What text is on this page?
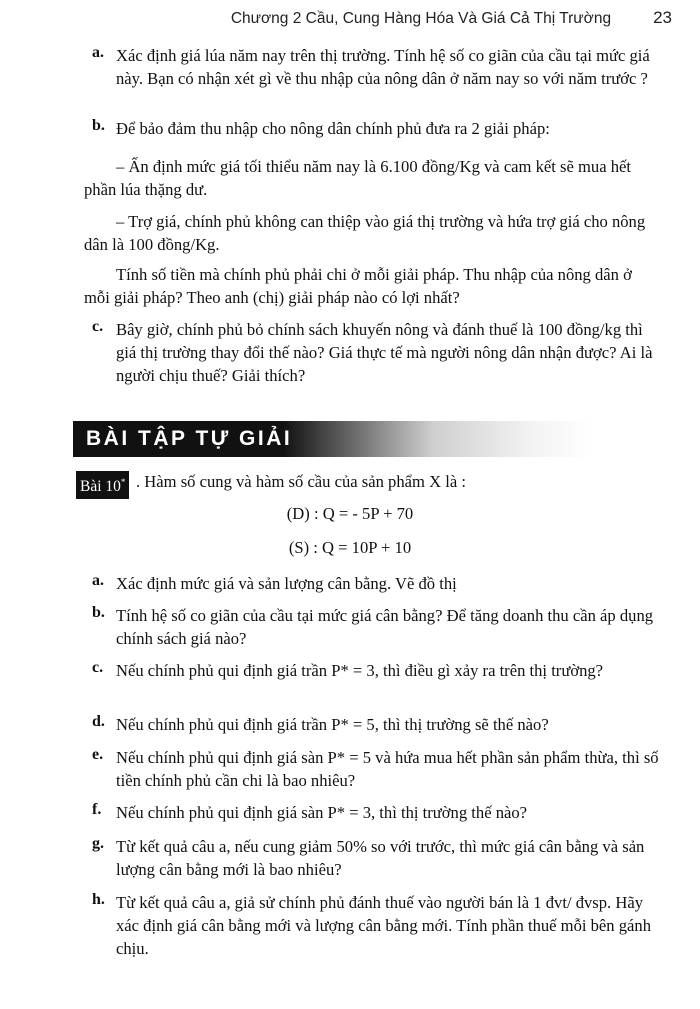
Chương 2 Cầu, Cung Hàng Hóa Và Giá Cả Thị Trường 23
a. Xác định giá lúa năm nay trên thị trường. Tính hệ số co giãn của cầu tại mức giá này. Bạn có nhận xét gì về thu nhập của nông dân ở năm nay so với năm trước ?

b. Để bảo đảm thu nhập cho nông dân chính phủ đưa ra 2 giải pháp:

– Ấn định mức giá tối thiểu năm nay là 6.100 đồng/Kg và cam kết sẽ mua hết phần lúa thặng dư.

– Trợ giá, chính phủ không can thiệp vào giá thị trường và hứa trợ giá cho nông dân là 100 đồng/Kg.

Tính số tiền mà chính phủ phải chi ở mỗi giải pháp. Thu nhập của nông dân ở mỗi giải pháp? Theo anh (chị) giải pháp nào có lợi nhất?

c. Bây giờ, chính phủ bỏ chính sách khuyến nông và đánh thuế là 100 đồng/kg thì giá thị trường thay đổi thế nào? Giá thực tế mà người nông dân nhận được? Ai là người chịu thuế? Giải thích?

BÀI TẬP TỰ GIẢI
Bài 10* . Hàm số cung và hàm số cầu của sản phẩm X là :
(D) : Q = - 5P + 70
(S) : Q = 10P + 10
a. Xác định mức giá và sản lượng cân bằng. Vẽ đồ thị

b. Tính hệ số co giãn của cầu tại mức giá cân bằng? Để tăng doanh thu cần áp dụng chính sách giá nào?

c. Nếu chính phủ qui định giá trần P* = 3, thì điều gì xảy ra trên thị trường?

d. Nếu chính phủ qui định giá trần P* = 5, thì thị trường sẽ thế nào?

e. Nếu chính phủ qui định giá sàn P* = 5 và hứa mua hết phần sản phẩm thừa, thì số tiền chính phủ cần chi là bao nhiêu?

f. Nếu chính phủ qui định giá sàn P* = 3, thì thị trường thế nào?

g. Từ kết quả câu a, nếu cung giảm 50% so với trước, thì mức giá cân bằng và sản lượng cân bằng mới là bao nhiêu?

h. Từ kết quả câu a, giả sử chính phủ đánh thuế vào người bán là 1 đvt/ đvsp. Hãy xác định giá cân bằng mới và lượng cân bằng mới. Tính phần thuế mỗi bên gánh chịu.
